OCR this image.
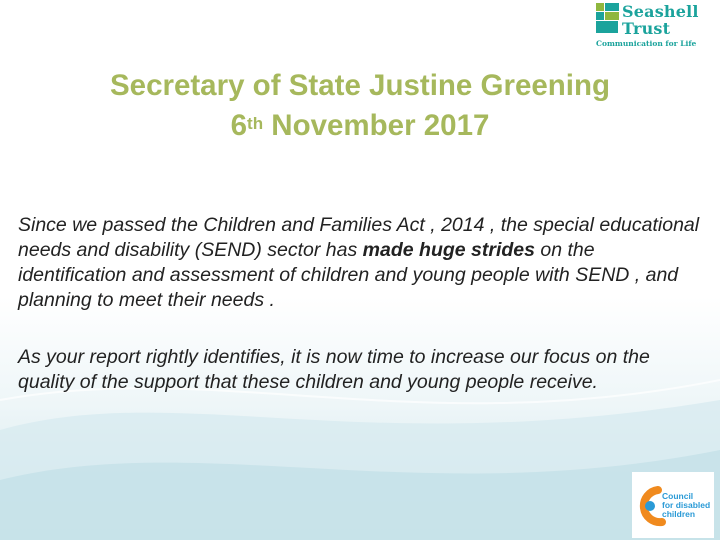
Seashell
Trust
Communication for Life
Secretary of State Justine Greening
6th November 2017
Since we passed the Children and Families Act , 2014 , the special educational needs and disability (SEND) sector has made huge strides on the identification and assessment of children and young people with SEND , and planning to meet their needs .
As your report rightly identifies, it is now time to increase our focus on the quality of the support that these children and young people receive.
Council
for disabled
children
